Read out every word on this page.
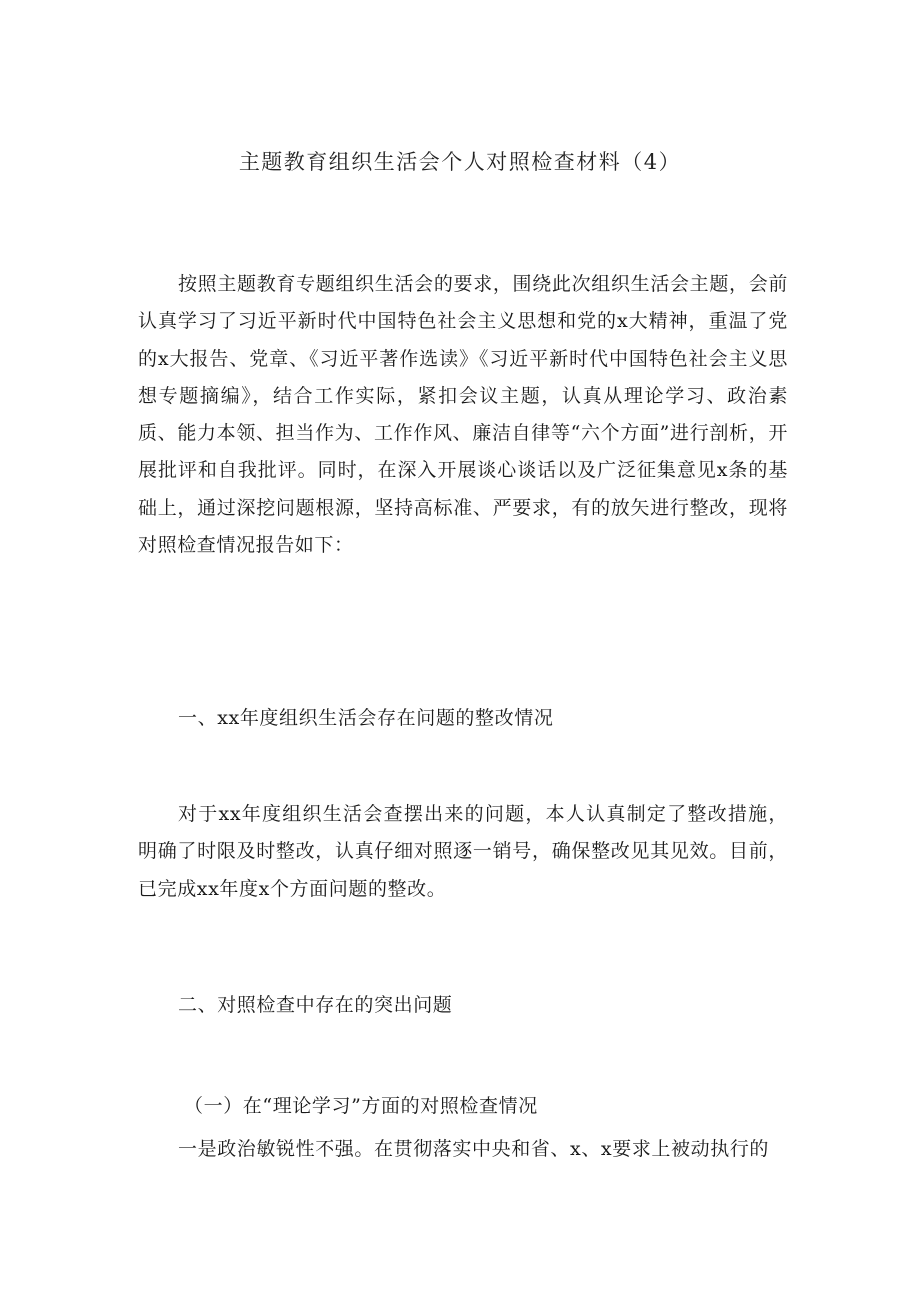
主题教育组织生活会个人对照检查材料（4）

按照主题教育专题组织生活会的要求，围绕此次组织生活会主题，会前认真学习了习近平新时代中国特色社会主义思想和党的x大精神，重温了党的x大报告、党章、《习近平著作选读》《习近平新时代中国特色社会主义思想专题摘编》，结合工作实际，紧扣会议主题，认真从理论学习、政治素质、能力本领、担当作为、工作作风、廉洁自律等“六个方面”进行剖析，开展批评和自我批评。同时，在深入开展谈心谈话以及广泛征集意见x条的基础上，通过深挖问题根源，坚持高标准、严要求，有的放矢进行整改，现将对照检查情况报告如下：

一、xx年度组织生活会存在问题的整改情况

对于xx年度组织生活会查摆出来的问题，本人认真制定了整改措施，明确了时限及时整改，认真仔细对照逐一销号，确保整改见其见效。目前，已完成xx年度x个方面问题的整改。

二、对照检查中存在的突出问题
（一）在“理论学习”方面的对照检查情况

一是政治敏锐性不强。在贯彻落实中央和省、x、x要求上被动执行的
